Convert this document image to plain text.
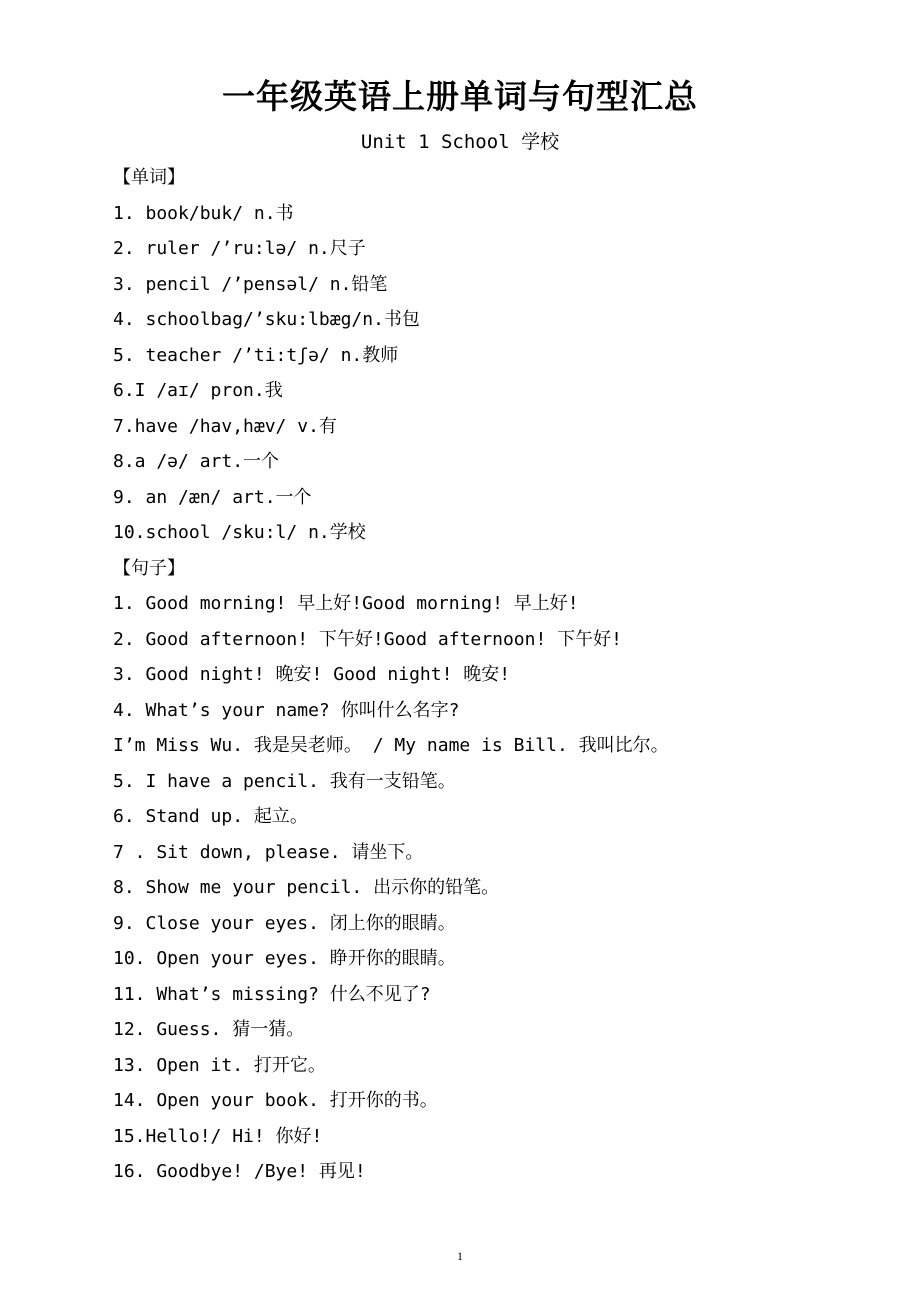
一年级英语上册单词与句型汇总
Unit 1 School 学校
【单词】
1. book/buk/ n.书
2. ruler /’ru:lə/ n.尺子
3. pencil /’pensəl/ n.铅笔
4. schoolbag/’sku:lbæg/n.书包
5. teacher /’ti:tʃə/ n.教师
6.I /aɪ/ pron.我
7.have /hav,hæv/ v.有
8.a /ə/ art.一个
9. an /æn/ art.一个
10.school /sku:l/ n.学校
【句子】
1. Good morning! 早上好!Good morning! 早上好!
2. Good afternoon! 下午好!Good afternoon! 下午好!
3. Good night! 晚安! Good night! 晚安!
4. What’s your name? 你叫什么名字?
I’m Miss Wu. 我是吴老师。 / My name is Bill. 我叫比尔。
5. I have a pencil. 我有一支铅笔。
6. Stand up. 起立。
7 . Sit down, please. 请坐下。
8. Show me your pencil. 出示你的铅笔。
9. Close your eyes. 闭上你的眼睛。
10. Open your eyes. 睁开你的眼睛。
11. What’s missing? 什么不见了?
12. Guess. 猜一猜。
13. Open it. 打开它。
14. Open your book. 打开你的书。
15.Hello!/ Hi! 你好!
16. Goodbye! /Bye! 再见!
1
